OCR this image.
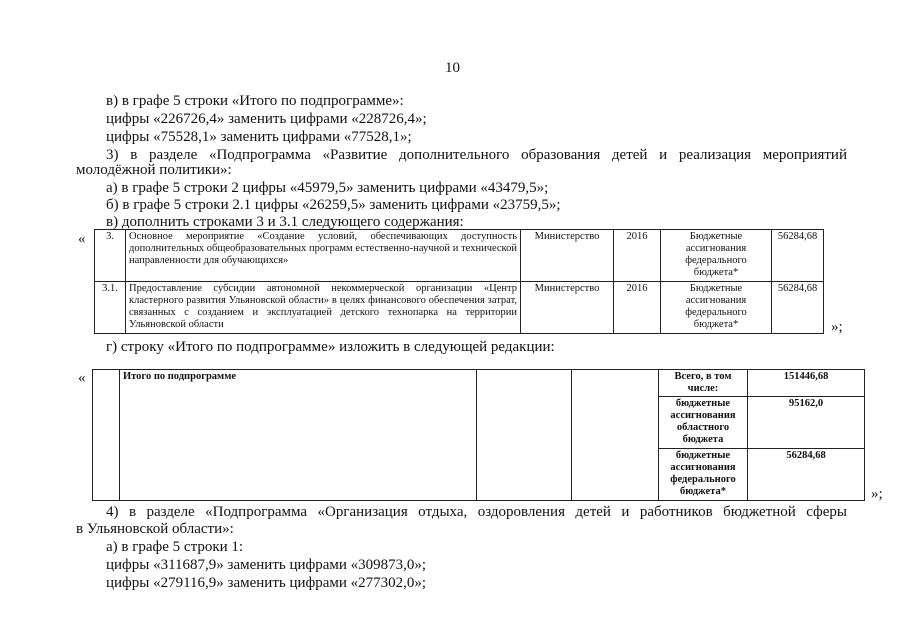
10
в) в графе 5 строки «Итого по подпрограмме»:
цифры «226726,4» заменить цифрами «228726,4»;
цифры «75528,1» заменить цифрами «77528,1»;
3) в разделе «Подпрограмма «Развитие дополнительного образования детей и реализация мероприятий
молодёжной политики»:
а) в графе 5 строки 2 цифры «45979,5» заменить цифрами «43479,5»;
б) в графе 5 строки 2.1 цифры «26259,5» заменить цифрами «23759,5»;
в) дополнить строками 3 и 3.1 следующего содержания:
« 3.	Основное мероприятие «Создание условий, обеспечивающих доступность дополнительных общеобразовательных программ естественно-научной и технической направленности для обучающихся»	Министерство	2016	Бюджетные ассигнования федерального бюджета*	56284,68
3.1.	Предоставление субсидии автономной некоммерческой организации «Центр кластерного развития Ульяновской области» в целях финансового обеспечения затрат, связанных с созданием и эксплуатацией детского технопарка на территории Ульяновской области	Министерство	2016	Бюджетные ассигнования федерального бюджета*	56284,68
»;
г) строку «Итого по подпрограмме» изложить в следующей редакции:
«
		Итого по подпрограмме			Всего, в том числе:	151446,68
				бюджетные ассигнования областного бюджета	95162,0
				бюджетные ассигнования федерального бюджета*	56284,68
»;
4) в разделе «Подпрограмма «Организация отдыха, оздоровления детей и работников бюджетной сферы
в Ульяновской области»:
а) в графе 5 строки 1:
цифры «311687,9» заменить цифрами «309873,0»;
цифры «279116,9» заменить цифрами «277302,0»;
